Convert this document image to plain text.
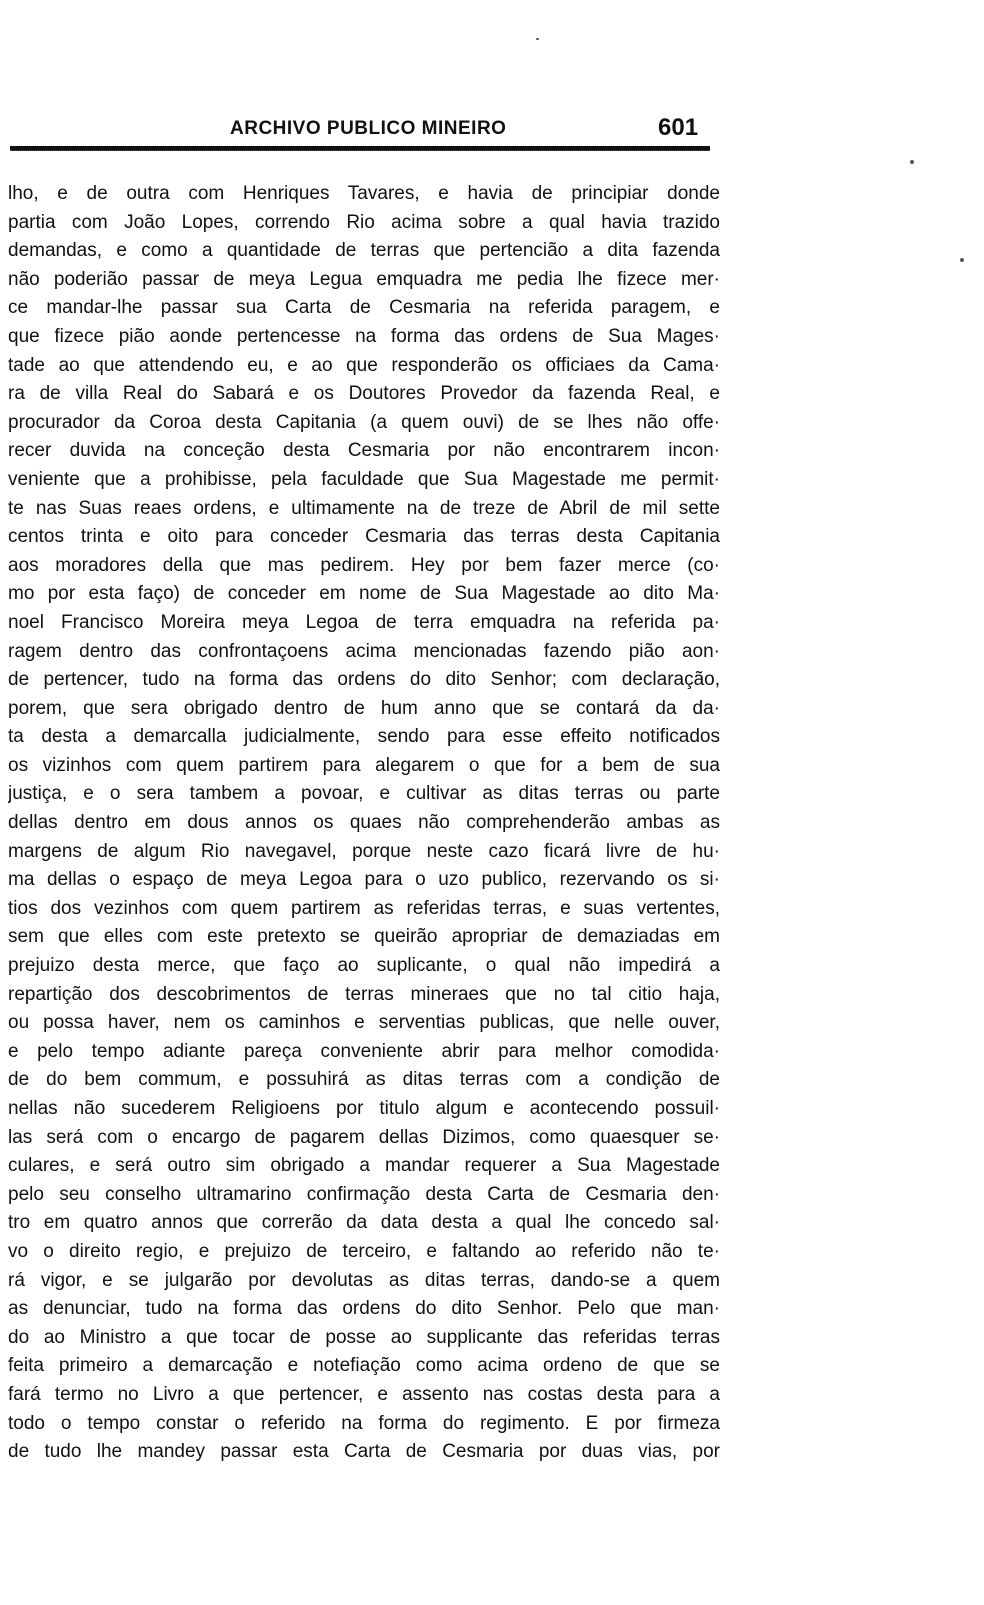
ARCHIVO PUBLICO MINEIRO	601
lho, e de outra com Henriques Tavares, e havia de principiar donde
partia com João Lopes, correndo Rio acima sobre a qual havia trazido
demandas, e como a quantidade de terras que pertencião a dita fazenda
não poderião passar de meya Legua emquadra me pedia lhe fizece mer·
ce mandar-lhe passar sua Carta de Cesmaria na referida paragem, e
que fizece pião aonde pertencesse na forma das ordens de Sua Mages·
tade ao que attendendo eu, e ao que responderão os officiaes da Cama·
ra de villa Real do Sabará e os Doutores Provedor da fazenda Real, e
procurador da Coroa desta Capitania (a quem ouvi) de se lhes não offe·
recer duvida na conceção desta Cesmaria por não encontrarem incon·
veniente que a prohibisse, pela faculdade que Sua Magestade me permit·
te nas Suas reaes ordens, e ultimamente na de treze de Abril de mil sette
centos trinta e oito para conceder Cesmaria das terras desta Capitania
aos moradores della que mas pedirem. Hey por bem fazer merce (co·
mo por esta faço) de conceder em nome de Sua Magestade ao dito Ma·
noel Francisco Moreira meya Legoa de terra emquadra na referida pa·
ragem dentro das confrontaçoens acima mencionadas fazendo pião aon·
de pertencer, tudo na forma das ordens do dito Senhor; com declaração,
porem, que sera obrigado dentro de hum anno que se contará da da·
ta desta a demarcalla judicialmente, sendo para esse effeito notificados
os vizinhos com quem partirem para alegarem o que for a bem de sua
justiça, e o sera tambem a povoar, e cultivar as ditas terras ou parte
dellas dentro em dous annos os quaes não comprehenderão ambas as
margens de algum Rio navegavel, porque neste cazo ficará livre de hu·
ma dellas o espaço de meya Legoa para o uzo publico, rezervando os si·
tios dos vezinhos com quem partirem as referidas terras, e suas vertentes,
sem que elles com este pretexto se queirão apropriar de demaziadas em
prejuizo desta merce, que faço ao suplicante, o qual não impedirá a
repartição dos descobrimentos de terras mineraes que no tal citio haja,
ou possa haver, nem os caminhos e serventias publicas, que nelle ouver,
e pelo tempo adiante pareça conveniente abrir para melhor comodida·
de do bem commum, e possuhirá as ditas terras com a condição de
nellas não sucederem Religioens por titulo algum e acontecendo possuil·
las será com o encargo de pagarem dellas Dizimos, como quaesquer se·
culares, e será outro sim obrigado a mandar requerer a Sua Magestade
pelo seu conselho ultramarino confirmação desta Carta de Cesmaria den·
tro em quatro annos que correrão da data desta a qual lhe concedo sal·
vo o direito regio, e prejuizo de terceiro, e faltando ao referido não te·
rá vigor, e se julgarão por devolutas as ditas terras, dando-se a quem
as denunciar, tudo na forma das ordens do dito Senhor. Pelo que man·
do ao Ministro a que tocar de posse ao supplicante das referidas terras
feita primeiro a demarcação e notefiação como acima ordeno de que se
fará termo no Livro a que pertencer, e assento nas costas desta para a
todo o tempo constar o referido na forma do regimento. E por firmeza
de tudo lhe mandey passar esta Carta de Cesmaria por duas vias, por
